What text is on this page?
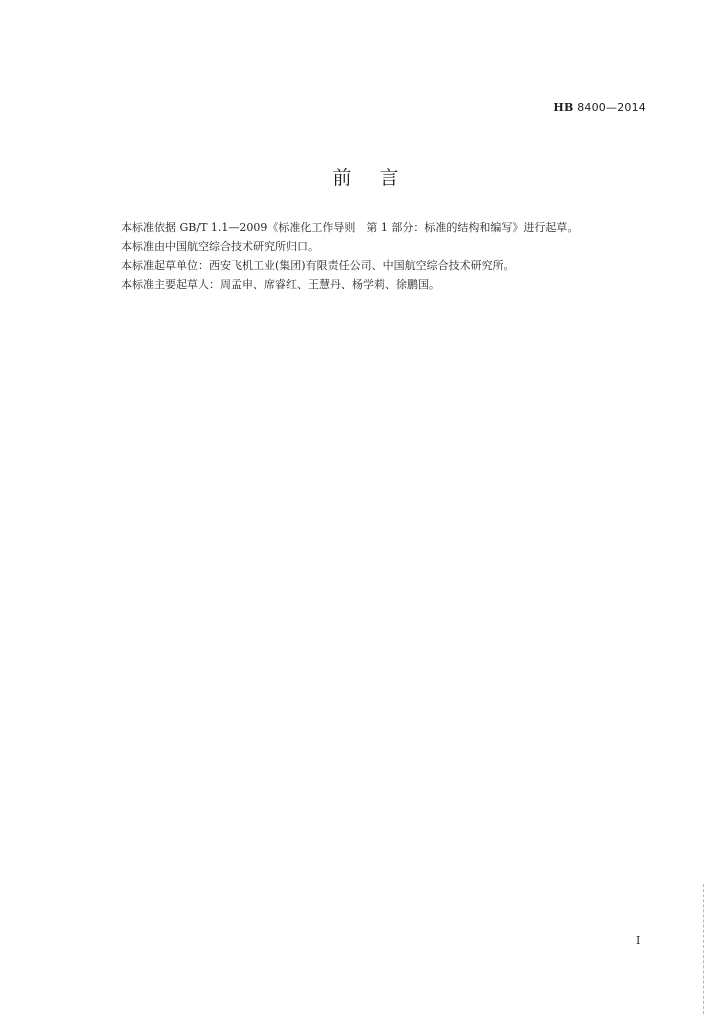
HB 8400—2014
前言

本标准依据 GB/T 1.1—2009《标准化工作导则　第 1 部分：标准的结构和编写》进行起草。

本标准由中国航空综合技术研究所归口。

本标准起草单位：西安飞机工业(集团)有限责任公司、中国航空综合技术研究所。

本标准主要起草人：周孟申、席睿红、王慧丹、杨学莉、徐鹏国。

I
